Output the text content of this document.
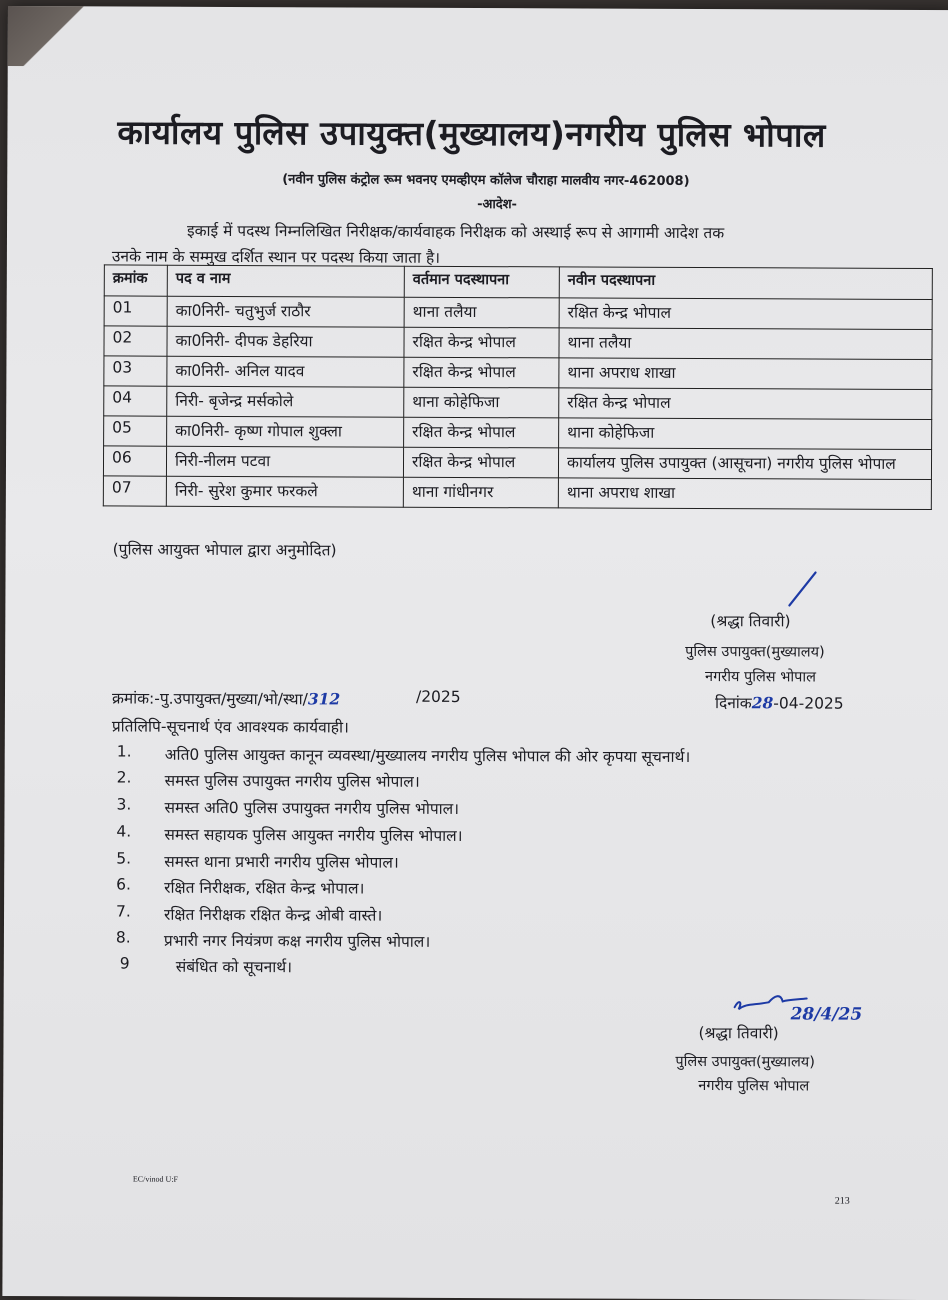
कार्यालय पुलिस उपायुक्त(मुख्यालय)नगरीय पुलिस भोपाल
(नवीन पुलिस कंट्रोल रूम भवनए एमव्हीएम कॉलेज चौराहा मालवीय नगर-462008)
-आदेश-
इकाई में पदस्थ निम्नलिखित निरीक्षक/कार्यवाहक निरीक्षक को अस्थाई रूप से आगामी आदेश तक
उनके नाम के सम्मुख दर्शित स्थान पर पदस्थ किया जाता है।
क्रमांक	पद व नाम	वर्तमान पदस्थापना	नवीन पदस्थापना
01	का0निरी- चतुभुर्ज राठौर	थाना तलैया	रक्षित केन्द्र भोपाल
02	का0निरी- दीपक डेहरिया	रक्षित केन्द्र भोपाल	थाना तलैया
03	का0निरी- अनिल यादव	रक्षित केन्द्र भोपाल	थाना अपराध शाखा
04	निरी- बृजेन्द्र मर्सकोले	थाना कोहेफिजा	रक्षित केन्द्र भोपाल
05	का0निरी- कृष्ण गोपाल शुक्ला	रक्षित केन्द्र भोपाल	थाना कोहेफिजा
06	निरी-नीलम पटवा	रक्षित केन्द्र भोपाल	कार्यालय पुलिस उपायुक्त (आसूचना) नगरीय पुलिस भोपाल
07	निरी- सुरेश कुमार फरकले	थाना गांधीनगर	थाना अपराध शाखा
(पुलिस आयुक्त भोपाल द्वारा अनुमोदित)
(श्रद्धा तिवारी)
पुलिस उपायुक्त(मुख्यालय)
नगरीय पुलिस भोपाल
क्रमांक:-पु.उपायुक्त/मुख्या/भो/स्था/312	/2025	दिनांक28-04-2025
प्रतिलिपि-सूचनार्थ एंव आवश्यक कार्यवाही।
1. अति0 पुलिस आयुक्त कानून व्यवस्था/मुख्यालय नगरीय पुलिस भोपाल की ओर कृपया सूचनार्थ।
2. समस्त पुलिस उपायुक्त नगरीय पुलिस भोपाल।
3. समस्त अति0 पुलिस उपायुक्त नगरीय पुलिस भोपाल।
4. समस्त सहायक पुलिस आयुक्त नगरीय पुलिस भोपाल।
5. समस्त थाना प्रभारी नगरीय पुलिस भोपाल।
6. रक्षित निरीक्षक, रक्षित केन्द्र भोपाल।
7. रक्षित निरीक्षक रक्षित केन्द्र ओबी वास्ते।
8. प्रभारी नगर नियंत्रण कक्ष नगरीय पुलिस भोपाल।
9	संबंधित को सूचनार्थ।
28/4/25
(श्रद्धा तिवारी)
पुलिस उपायुक्त(मुख्यालय)
नगरीय पुलिस भोपाल
EC/vinod U:F
213
